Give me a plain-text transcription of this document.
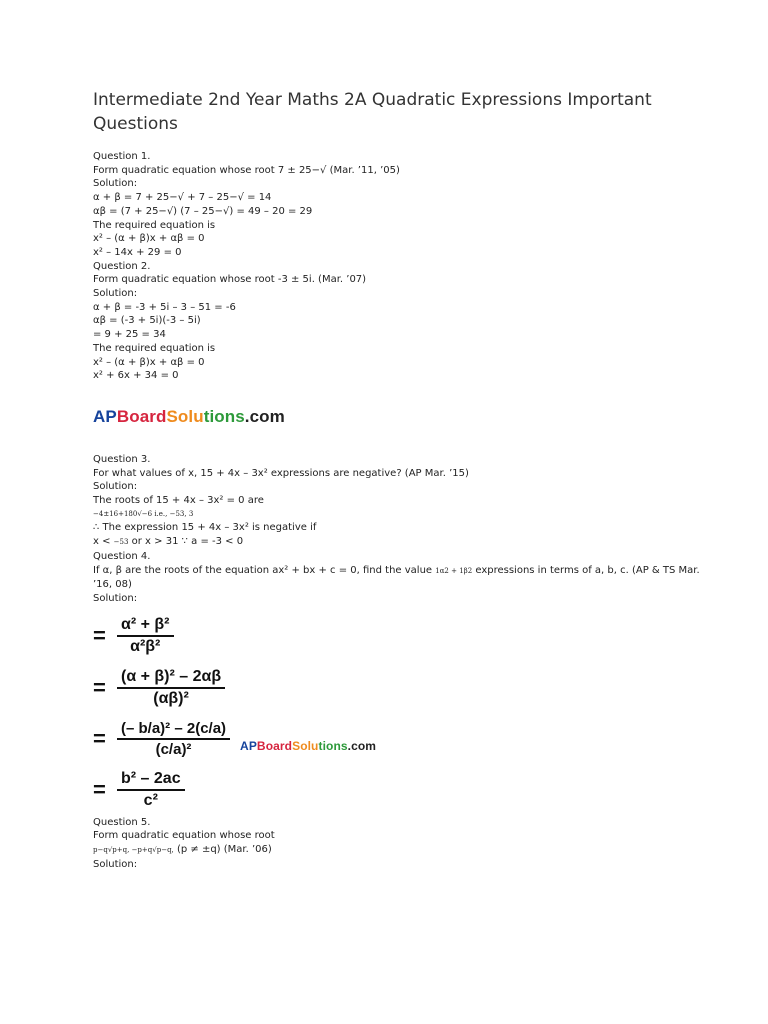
Intermediate 2nd Year Maths 2A Quadratic Expressions Important Questions
Question 1.
Form quadratic equation whose root 7 ± 25−√ (Mar. ’11, ’05)
Solution:
α + β = 7 + 25−√ + 7 – 25−√ = 14
αβ = (7 + 25−√) (7 – 25−√) = 49 – 20 = 29
The required equation is
x² – (α + β)x + αβ = 0
x² – 14x + 29 = 0
Question 2.
Form quadratic equation whose root -3 ± 5i. (Mar. ’07)
Solution:
α + β = -3 + 5i – 3 – 51 = -6
αβ = (-3 + 5i)(-3 – 5i)
= 9 + 25 = 34
The required equation is
x² – (α + β)x + αβ = 0
x² + 6x + 34 = 0
APBoardSolutions.com
Question 3.
For what values of x, 15 + 4x – 3x² expressions are negative? (AP Mar. ’15)
Solution:
The roots of 15 + 4x – 3x² = 0 are
−4±16+180√−6 i.e., −53, 3
∴ The expression 15 + 4x – 3x² is negative if
x < −53 or x > 31 ∵ a = -3 < 0
Question 4.
If α, β are the roots of the equation ax² + bx + c = 0, find the value 1α2 + 1β2 expressions in terms of a, b, c. (AP & TS Mar.
’16, 08)
Solution:
= $\frac{\text{α² + β²}}{\text{α²β²}}$
= $\frac{\text{(α + β)² – 2αβ}}{\text{(αβ)²}}$
= $\frac{\text{(– b/a)² – 2(c/a)}}{\text{(c/a)²}}$ APBoardSolutions.com
= $\frac{\text{b² – 2ac}}{\text{c²}}$
Question 5.
Form quadratic equation whose root
p−q√p+q, −p+q√p−q, (p ≠ ±q) (Mar. ’06)
Solution:
